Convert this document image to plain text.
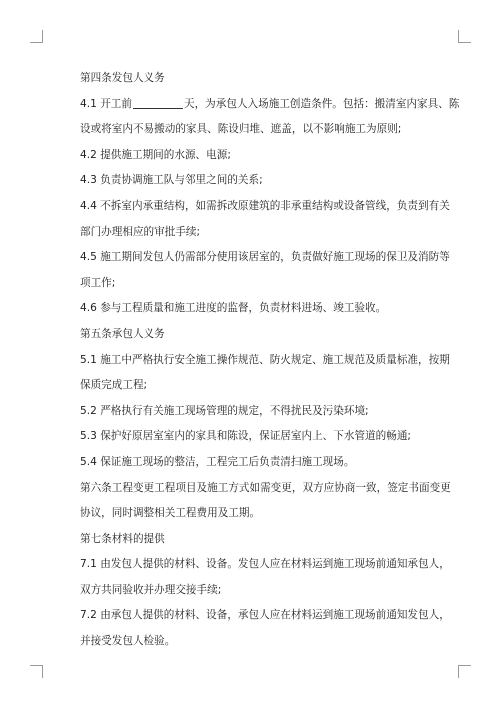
第四条发包人义务

4.1 开工前	天，为承包人入场施工创造条件。包括：搬清室内家具、陈

设或将室内不易搬动的家具、陈设归堆、遮盖，以不影响施工为原则;

4.2 提供施工期间的水源、电源;

4.3 负责协调施工队与邻里之间的关系;

4.4 不拆室内承重结构，如需拆改原建筑的非承重结构或设备管线，负责到有关

部门办理相应的审批手续;

4.5 施工期间发包人仍需部分使用该居室的，负责做好施工现场的保卫及消防等

项工作;

4.6 参与工程质量和施工进度的监督，负责材料进场、竣工验收。

第五条承包人义务

5.1 施工中严格执行安全施工操作规范、防火规定、施工规范及质量标准，按期

保质完成工程;

5.2 严格执行有关施工现场管理的规定，不得扰民及污染环境;

5.3 保护好原居室室内的家具和陈设，保证居室内上、下水管道的畅通;

5.4 保证施工现场的整洁，工程完工后负责清扫施工现场。

第六条工程变更工程项目及施工方式如需变更，双方应协商一致，签定书面变更

协议，同时调整相关工程费用及工期。

第七条材料的提供

7.1 由发包人提供的材料、设备。发包人应在材料运到施工现场前通知承包人，

双方共同验收并办理交接手续;

7.2 由承包人提供的材料、设备，承包人应在材料运到施工现场前通知发包人，

并接受发包人检验。
